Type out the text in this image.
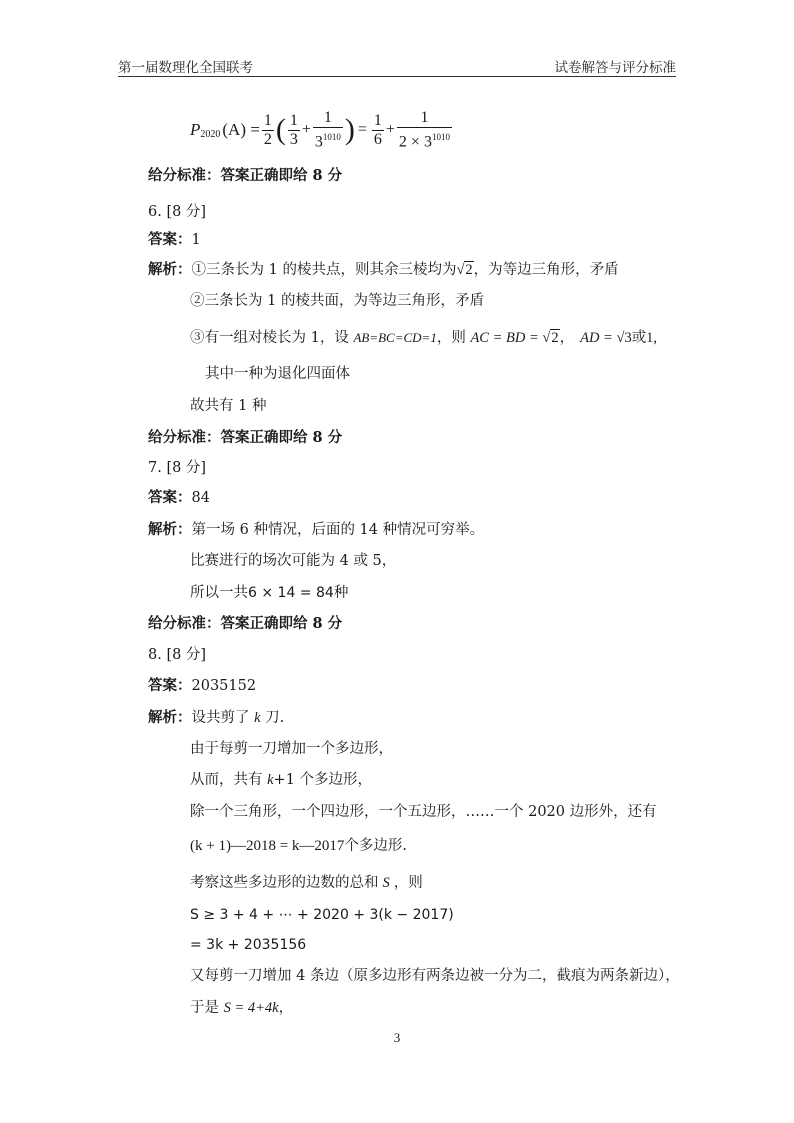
第一届数理化全国联考	试卷解答与评分标准
$P_{2020}$ $(A) = \frac{1}{2}$ ( $\frac{1}{3} + \frac{1}{3^{1010}}$ ) = $\frac{1}{6} + \frac{1}{2 \times 3^{1010}}$
给分标准：答案正确即给 8 分
6. [8 分]
答案：1
解析：①三条长为 1 的棱共点，则其余三棱均为√2，为等边三角形，矛盾
②三条长为 1 的棱共面，为等边三角形，矛盾
③有一组对棱长为 1，设 AB=BC=CD=1，则 AC = BD = √2， AD = √3或1,
其中一种为退化四面体
故共有 1 种
给分标准：答案正确即给 8 分
7. [8 分]
答案：84
解析：第一场 6 种情况，后面的 14 种情况可穷举。
比赛进行的场次可能为 4 或 5，
所以一共6 × 14 = 84种
给分标准：答案正确即给 8 分
8. [8 分]
答案：2035152
解析：设共剪了 k 刀.
由于每剪一刀增加一个多边形，
从而，共有 k+1 个多边形，
除一个三角形，一个四边形，一个五边形，……一个 2020 边形外，还有
(k + 1)—2018 = k—2017个多边形.
考察这些多边形的边数的总和 S ，则
S ≥ 3 + 4 + ⋯ + 2020 + 3(k − 2017)
= 3k + 2035156
又每剪一刀增加 4 条边（原多边形有两条边被一分为二，截痕为两条新边），
于是 S = 4+4k，
3
